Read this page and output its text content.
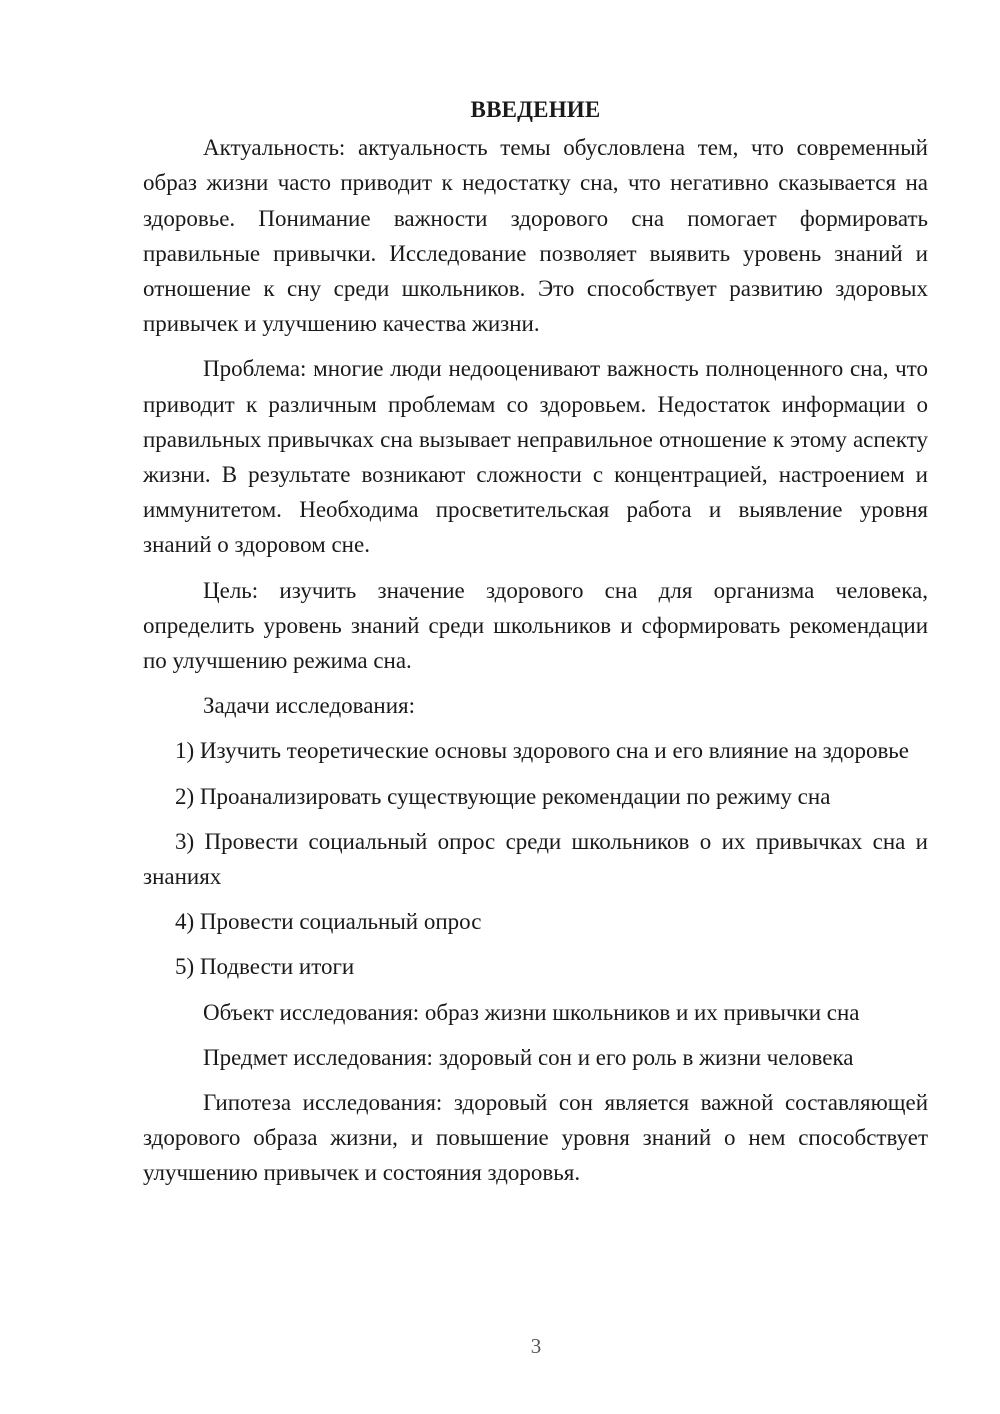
ВВЕДЕНИЕ

Актуальность: актуальность темы обусловлена тем, что современный образ жизни часто приводит к недостатку сна, что негативно сказывается на здоровье. Понимание важности здорового сна помогает формировать правильные привычки. Исследование позволяет выявить уровень знаний и отношение к сну среди школьников. Это способствует развитию здоровых привычек и улучшению качества жизни.

Проблема: многие люди недооценивают важность полноценного сна, что приводит к различным проблемам со здоровьем. Недостаток информации о правильных привычках сна вызывает неправильное отношение к этому аспекту жизни. В результате возникают сложности с концентрацией, настроением и иммунитетом. Необходима просветительская работа и выявление уровня знаний о здоровом сне.

Цель: изучить значение здорового сна для организма человека, определить уровень знаний среди школьников и сформировать рекомендации по улучшению режима сна.

Задачи исследования:

1) Изучить теоретические основы здорового сна и его влияние на здоровье

2) Проанализировать существующие рекомендации по режиму сна

3) Провести социальный опрос среди школьников о их привычках сна и знаниях

4) Провести социальный опрос

5) Подвести итоги

Объект исследования: образ жизни школьников и их привычки сна

Предмет исследования: здоровый сон и его роль в жизни человека

Гипотеза исследования: здоровый сон является важной составляющей здорового образа жизни, и повышение уровня знаний о нем способствует улучшению привычек и состояния здоровья.

3
